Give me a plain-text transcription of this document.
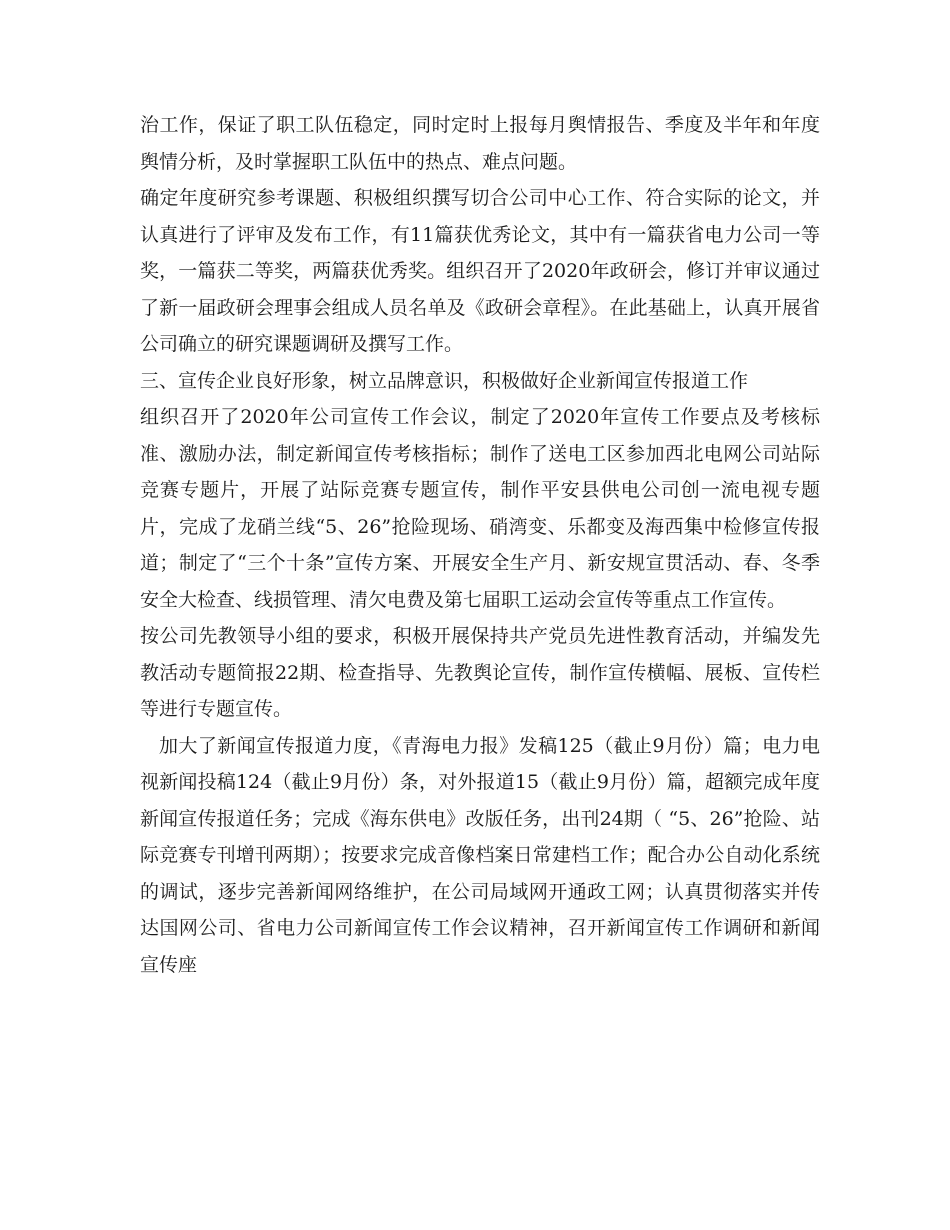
治工作，保证了职工队伍稳定，同时定时上报每月舆情报告、季度及半年和年度舆情分析，及时掌握职工队伍中的热点、难点问题。

确定年度研究参考课题、积极组织撰写切合公司中心工作、符合实际的论文，并认真进行了评审及发布工作，有11篇获优秀论文，其中有一篇获省电力公司一等奖，一篇获二等奖，两篇获优秀奖。组织召开了2020年政研会，修订并审议通过了新一届政研会理事会组成人员名单及《政研会章程》。在此基础上，认真开展省公司确立的研究课题调研及撰写工作。

三、宣传企业良好形象，树立品牌意识，积极做好企业新闻宣传报道工作

组织召开了2020年公司宣传工作会议，制定了2020年宣传工作要点及考核标准、激励办法，制定新闻宣传考核指标；制作了送电工区参加西北电网公司站际竞赛专题片，开展了站际竞赛专题宣传，制作平安县供电公司创一流电视专题片，完成了龙硝兰线“5、26”抢险现场、硝湾变、乐都变及海西集中检修宣传报道；制定了“三个十条”宣传方案、开展安全生产月、新安规宣贯活动、春、冬季安全大检查、线损管理、清欠电费及第七届职工运动会宣传等重点工作宣传。

按公司先教领导小组的要求，积极开展保持共产党员先进性教育活动，并编发先教活动专题简报22期、检查指导、先教舆论宣传，制作宣传横幅、展板、宣传栏等进行专题宣传。

加大了新闻宣传报道力度，《青海电力报》发稿125（截止9月份）篇；电力电视新闻投稿124（截止9月份）条，对外报道15（截止9月份）篇，超额完成年度新闻宣传报道任务；完成《海东供电》改版任务，出刊24期（ “5、26”抢险、站际竞赛专刊增刊两期）；按要求完成音像档案日常建档工作；配合办公自动化系统的调试，逐步完善新闻网络维护，在公司局域网开通政工网；认真贯彻落实并传达国网公司、省电力公司新闻宣传工作会议精神，召开新闻宣传工作调研和新闻宣传座
